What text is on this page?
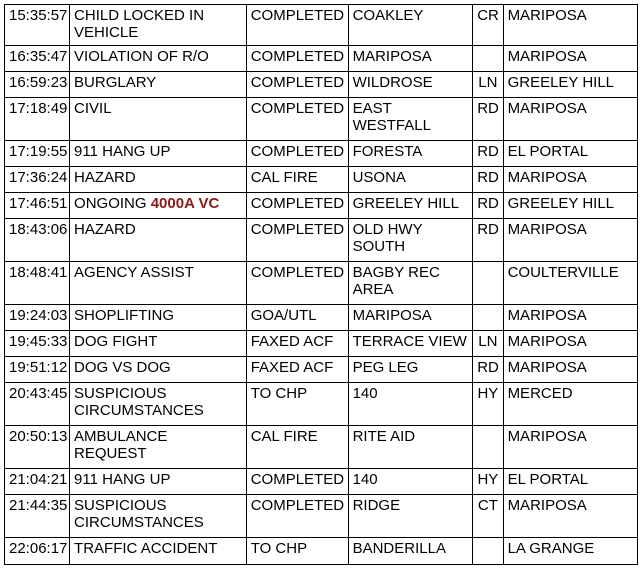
15:35:57	CHILD LOCKED IN VEHICLE	COMPLETED	COAKLEY	CR	MARIPOSA
16:35:47	VIOLATION OF R/O	COMPLETED	MARIPOSA		MARIPOSA
16:59:23	BURGLARY	COMPLETED	WILDROSE	LN	GREELEY HILL
17:18:49	CIVIL	COMPLETED	EAST WESTFALL	RD	MARIPOSA
17:19:55	911 HANG UP	COMPLETED	FORESTA	RD	EL PORTAL
17:36:24	HAZARD	CAL FIRE	USONA	RD	MARIPOSA
17:46:51	ONGOING 4000A VC	COMPLETED	GREELEY HILL	RD	GREELEY HILL
18:43:06	HAZARD	COMPLETED	OLD HWY SOUTH	RD	MARIPOSA
18:48:41	AGENCY ASSIST	COMPLETED	BAGBY REC AREA		COULTERVILLE
19:24:03	SHOPLIFTING	GOA/UTL	MARIPOSA		MARIPOSA
19:45:33	DOG FIGHT	FAXED ACF	TERRACE VIEW	LN	MARIPOSA
19:51:12	DOG VS DOG	FAXED ACF	PEG LEG	RD	MARIPOSA
20:43:45	SUSPICIOUS CIRCUMSTANCES	TO CHP	140	HY	MERCED
20:50:13	AMBULANCE REQUEST	CAL FIRE	RITE AID		MARIPOSA
21:04:21	911 HANG UP	COMPLETED	140	HY	EL PORTAL
21:44:35	SUSPICIOUS CIRCUMSTANCES	COMPLETED	RIDGE	CT	MARIPOSA
22:06:17	TRAFFIC ACCIDENT	TO CHP	BANDERILLA		LA GRANGE
